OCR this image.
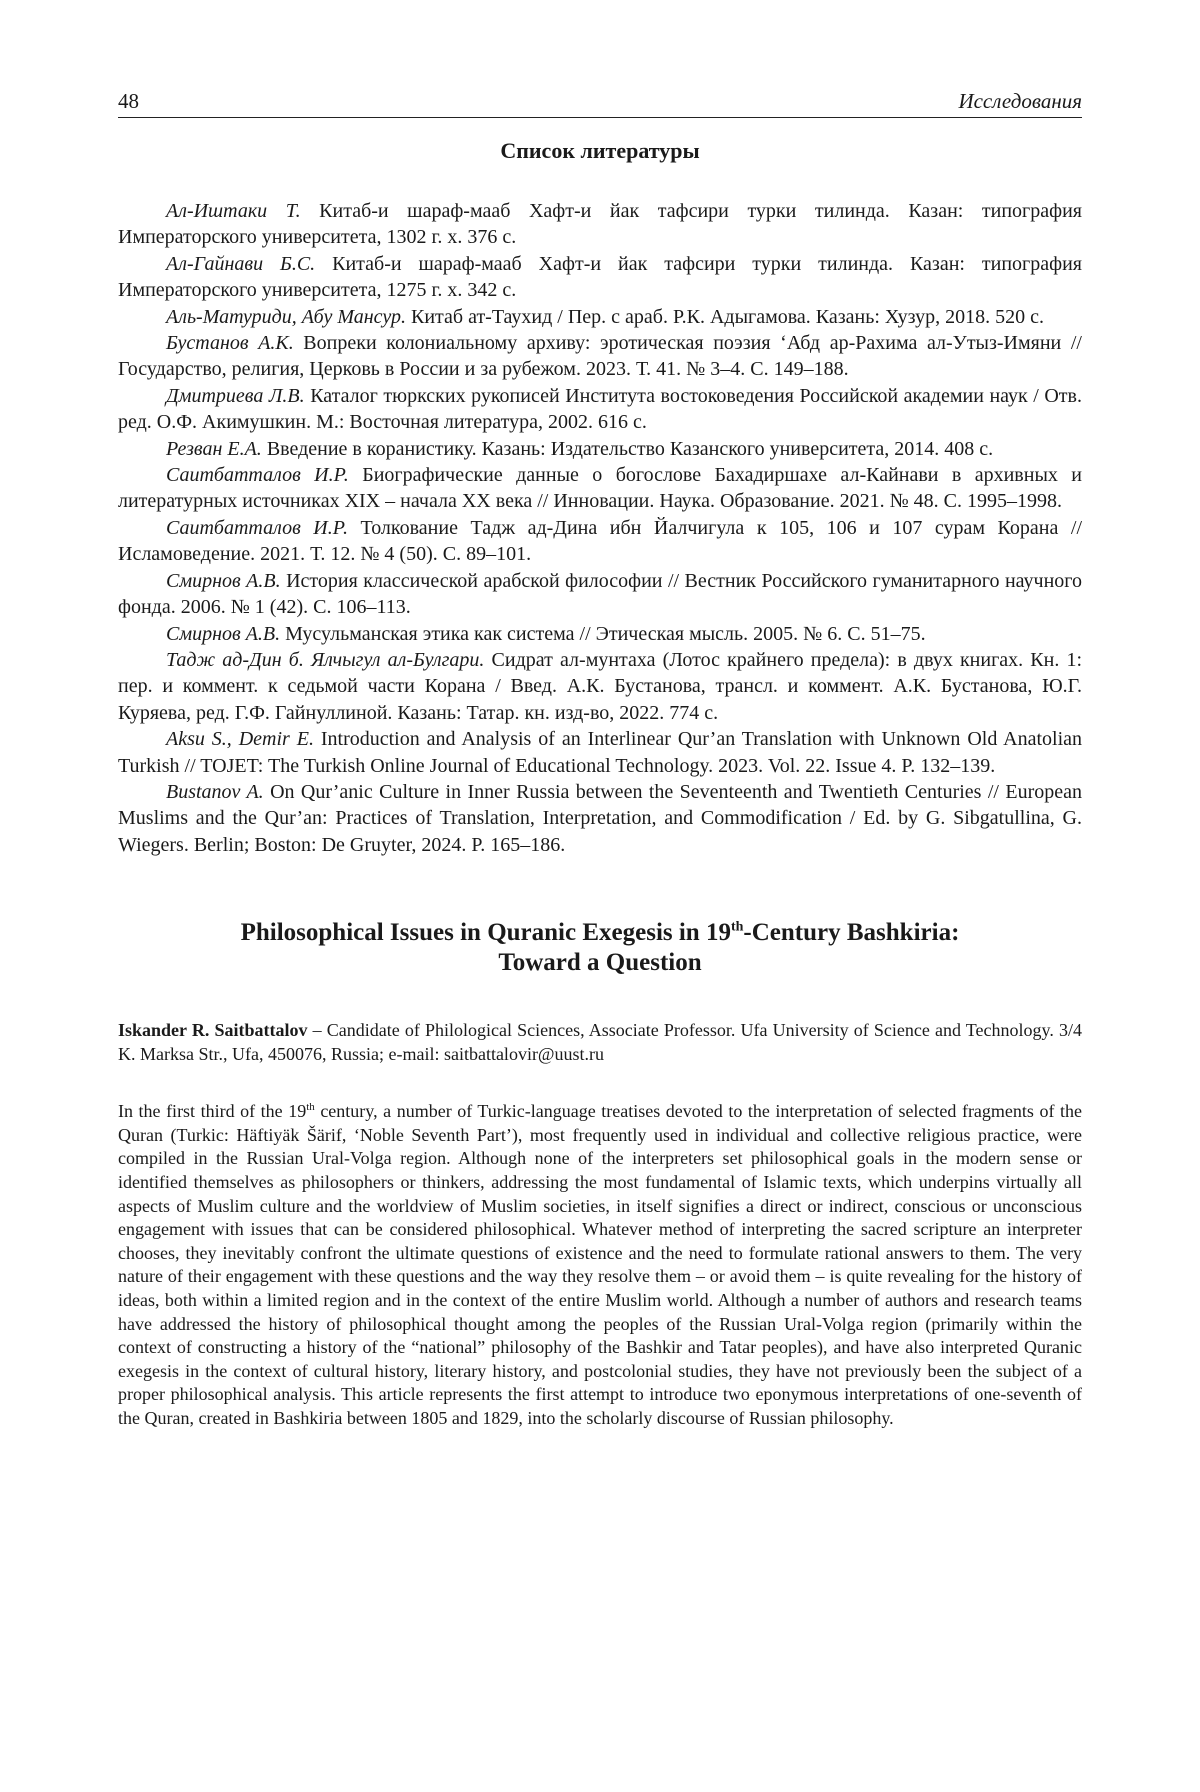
48	Исследования
Список литературы

Ал-Иштаки Т. Китаб-и шараф-мааб Хафт-и йак тафсири турки тилинда. Казан: типография Императорского университета, 1302 г. х. 376 с.

Ал-Гайнави Б.С. Китаб-и шараф-мааб Хафт-и йак тафсири турки тилинда. Казан: типография Императорского университета, 1275 г. х. 342 с.

Аль-Матуриди, Абу Мансур. Китаб ат-Таухид / Пер. с араб. Р.К. Адыгамова. Казань: Хузур, 2018. 520 с.

Бустанов А.К. Вопреки колониальному архиву: эротическая поэзия ʻАбд ар-Рахима ал-Утыз-Имяни // Государство, религия, Церковь в России и за рубежом. 2023. Т. 41. № 3–4. С. 149–188.

Дмитриева Л.В. Каталог тюркских рукописей Института востоковедения Российской академии наук / Отв. ред. О.Ф. Акимушкин. М.: Восточная литература, 2002. 616 с.

Резван Е.А. Введение в коранистику. Казань: Издательство Казанского университета, 2014. 408 с.

Саитбатталов И.Р. Биографические данные о богослове Бахадиршахе ал-Кайнави в архивных и литературных источниках XIX – начала XX века // Инновации. Наука. Образование. 2021. № 48. С. 1995–1998.

Саитбатталов И.Р. Толкование Тадж ад-Дина ибн Йалчигула к 105, 106 и 107 сурам Корана // Исламоведение. 2021. Т. 12. № 4 (50). С. 89–101.

Смирнов А.В. История классической арабской философии // Вестник Российского гуманитарного научного фонда. 2006. № 1 (42). С. 106–113.

Смирнов А.В. Мусульманская этика как система // Этическая мысль. 2005. № 6. С. 51–75.

Тадж ад-Дин б. Ялчыгул ал-Булгари. Сидрат ал-мунтаха (Лотос крайнего предела): в двух книгах. Кн. 1: пер. и коммент. к седьмой части Корана / Введ. А.К. Бустанова, трансл. и коммент. А.К. Бустанова, Ю.Г. Куряева, ред. Г.Ф. Гайнуллиной. Казань: Татар. кн. изд-во, 2022. 774 с.

Aksu S., Demir E. Introduction and Analysis of an Interlinear Qur’an Translation with Unknown Old Anatolian Turkish // TOJET: The Turkish Online Journal of Educational Technology. 2023. Vol. 22. Issue 4. P. 132–139.

Bustanov A. On Qur’anic Culture in Inner Russia between the Seventeenth and Twentieth Centuries // European Muslims and the Qur’an: Practices of Translation, Interpretation, and Commodification / Ed. by G. Sibgatullina, G. Wiegers. Berlin; Boston: De Gruyter, 2024. P. 165–186.

Philosophical Issues in Quranic Exegesis in 19th-Century Bashkiria:
Toward a Question
Iskander R. Saitbattalov – Candidate of Philological Sciences, Associate Professor. Ufa University of Science and Technology. 3/4 K. Marksa Str., Ufa, 450076, Russia; e-mail: saitbattalovir@uust.ru
In the first third of the 19th century, a number of Turkic-language treatises devoted to the interpretation of selected fragments of the Quran (Turkic: Häftiyäk Šärif, ‘Noble Seventh Part’), most frequently used in individual and collective religious practice, were compiled in the Russian Ural-Volga region. Although none of the interpreters set philosophical goals in the modern sense or identified themselves as philosophers or thinkers, addressing the most fundamental of Islamic texts, which underpins virtually all aspects of Muslim culture and the worldview of Muslim societies, in itself signifies a direct or indirect, conscious or unconscious engagement with issues that can be considered philosophical. Whatever method of interpreting the sacred scripture an interpreter chooses, they inevitably confront the ultimate questions of existence and the need to formulate rational answers to them. The very nature of their engagement with these questions and the way they resolve them – or avoid them – is quite revealing for the history of ideas, both within a limited region and in the context of the entire Muslim world. Although a number of authors and research teams have addressed the history of philosophical thought among the peoples of the Russian Ural-Volga region (primarily within the context of constructing a history of the “national” philosophy of the Bashkir and Tatar peoples), and have also interpreted Quranic exegesis in the context of cultural history, literary history, and postcolonial studies, they have not previously been the subject of a proper philosophical analysis. This article represents the first attempt to introduce two eponymous interpretations of one-seventh of the Quran, created in Bashkiria between 1805 and 1829, into the scholarly discourse of Russian philosophy.
